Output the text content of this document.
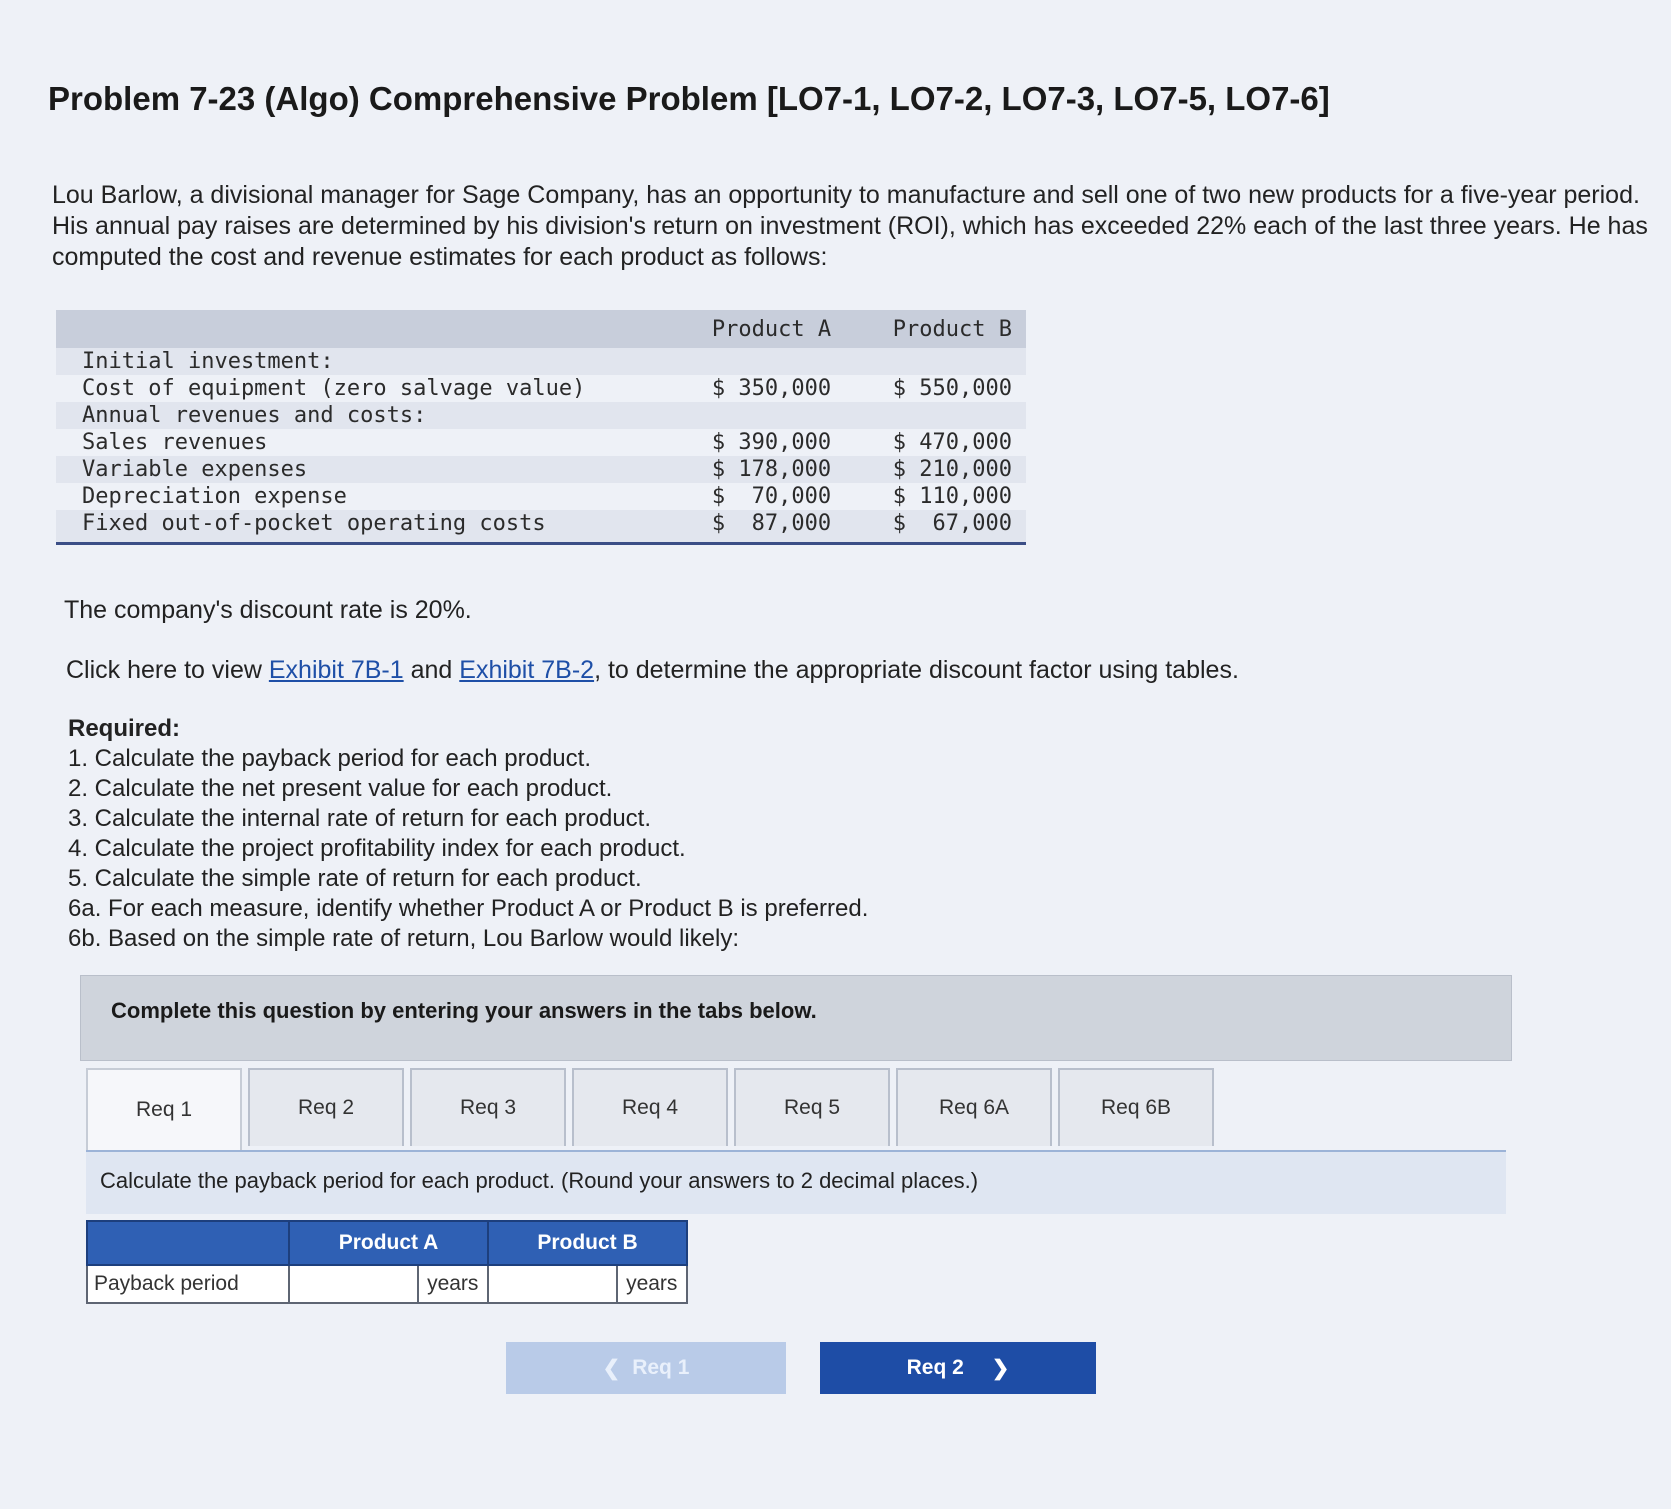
Problem 7-23 (Algo) Comprehensive Problem [LO7-1, LO7-2, LO7-3, LO7-5, LO7-6]
Lou Barlow, a divisional manager for Sage Company, has an opportunity to manufacture and sell one of two new products for a five-year period. His annual pay raises are determined by his division's return on investment (ROI), which has exceeded 22% each of the last three years. He has computed the cost and revenue estimates for each product as follows:
	Product A	Product B
Initial investment:		
Cost of equipment (zero salvage value)	$ 350,000	$ 550,000
Annual revenues and costs:		
Sales revenues	$ 390,000	$ 470,000
Variable expenses	$ 178,000	$ 210,000
Depreciation expense	$  70,000	$ 110,000
Fixed out-of-pocket operating costs	$  87,000	$  67,000
The company's discount rate is 20%.
Click here to view Exhibit 7B-1 and Exhibit 7B-2, to determine the appropriate discount factor using tables.
Required:
1. Calculate the payback period for each product.
2. Calculate the net present value for each product.
3. Calculate the internal rate of return for each product.
4. Calculate the project profitability index for each product.
5. Calculate the simple rate of return for each product.
6a. For each measure, identify whether Product A or Product B is preferred.
6b. Based on the simple rate of return, Lou Barlow would likely:
Complete this question by entering your answers in the tabs below.
Req 1	Req 2	Req 3	Req 4	Req 5	Req 6A	Req 6B
Calculate the payback period for each product. (Round your answers to 2 decimal places.)
	Product A		Product B	
Payback period		years		years
❮ Req 1	Req 2 ❯
